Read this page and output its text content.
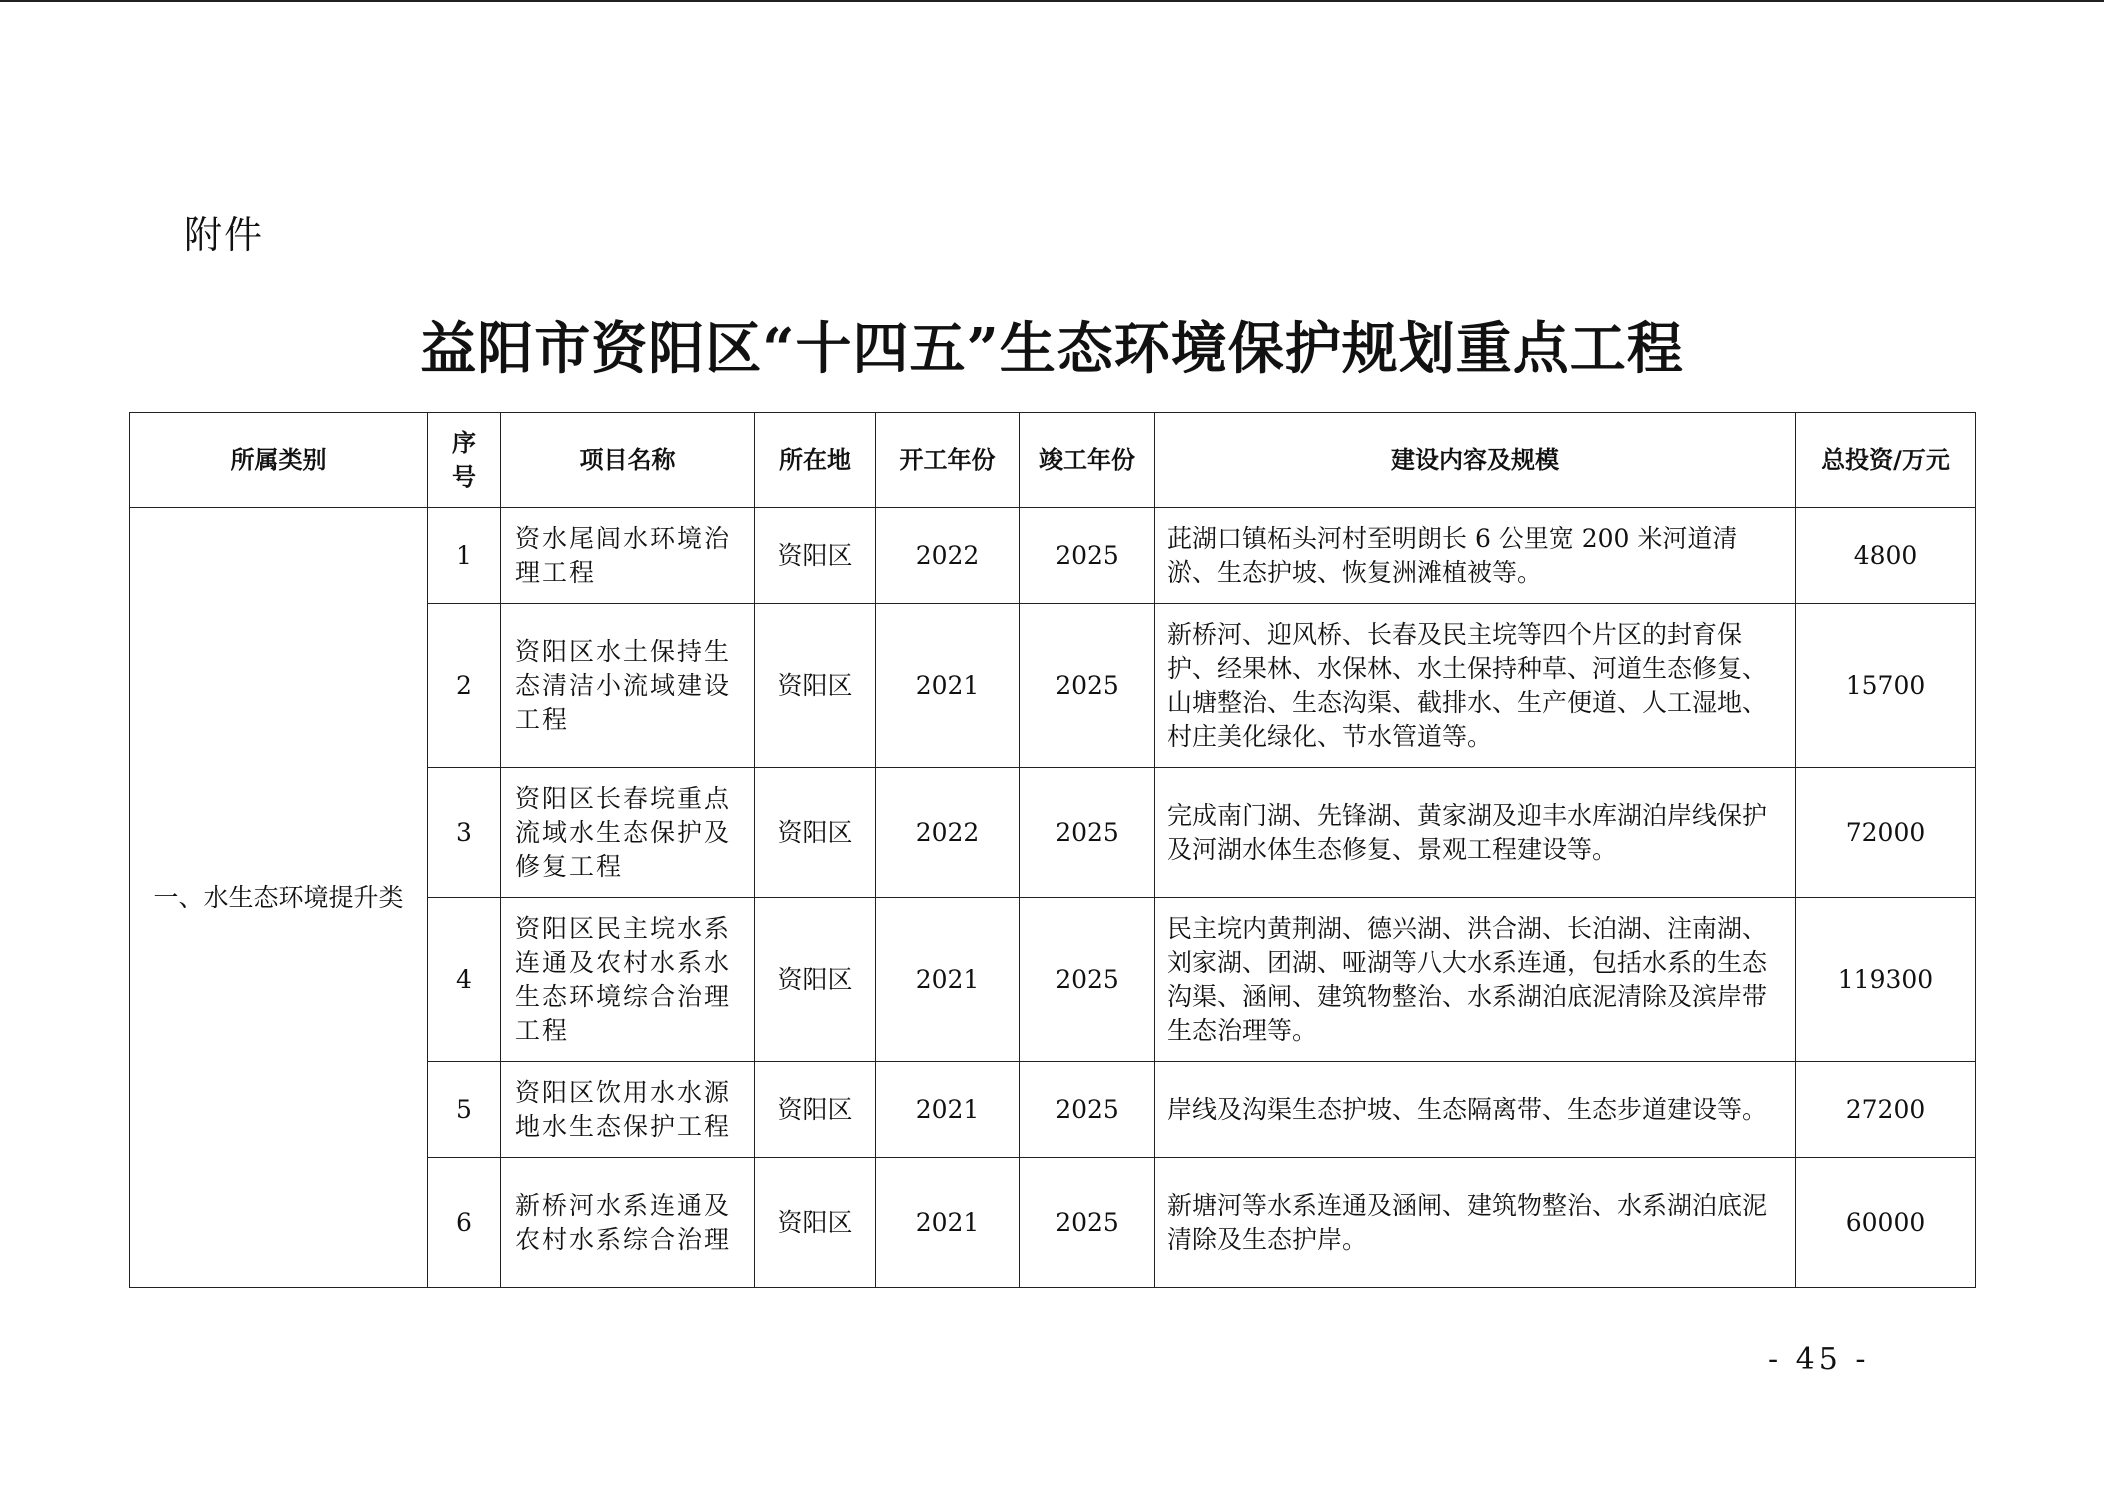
附件
益阳市资阳区“十四五”生态环境保护规划重点工程
所属类别	序号	项目名称	所在地	开工年份	竣工年份	建设内容及规模	总投资/万元
一、水生态环境提升类	1	资水尾闾水环境治理工程	资阳区	2022	2025	茈湖口镇柘头河村至明朗长 6 公里宽 200 米河道清淤、生态护坡、恢复洲滩植被等。	4800
	2	资阳区水土保持生态清洁小流域建设工程	资阳区	2021	2025	新桥河、迎风桥、长春及民主垸等四个片区的封育保护、经果林、水保林、水土保持种草、河道生态修复、山塘整治、生态沟渠、截排水、生产便道、人工湿地、村庄美化绿化、节水管道等。	15700
	3	资阳区长春垸重点流域水生态保护及修复工程	资阳区	2022	2025	完成南门湖、先锋湖、黄家湖及迎丰水库湖泊岸线保护及河湖水体生态修复、景观工程建设等。	72000
	4	资阳区民主垸水系连通及农村水系水生态环境综合治理工程	资阳区	2021	2025	民主垸内黄荆湖、德兴湖、洪合湖、长泊湖、注南湖、刘家湖、团湖、哑湖等八大水系连通，包括水系的生态沟渠、涵闸、建筑物整治、水系湖泊底泥清除及滨岸带生态治理等。	119300
	5	资阳区饮用水水源地水生态保护工程	资阳区	2021	2025	岸线及沟渠生态护坡、生态隔离带、生态步道建设等。	27200
	6	新桥河水系连通及农村水系综合治理	资阳区	2021	2025	新塘河等水系连通及涵闸、建筑物整治、水系湖泊底泥清除及生态护岸。	60000
- 45 -
